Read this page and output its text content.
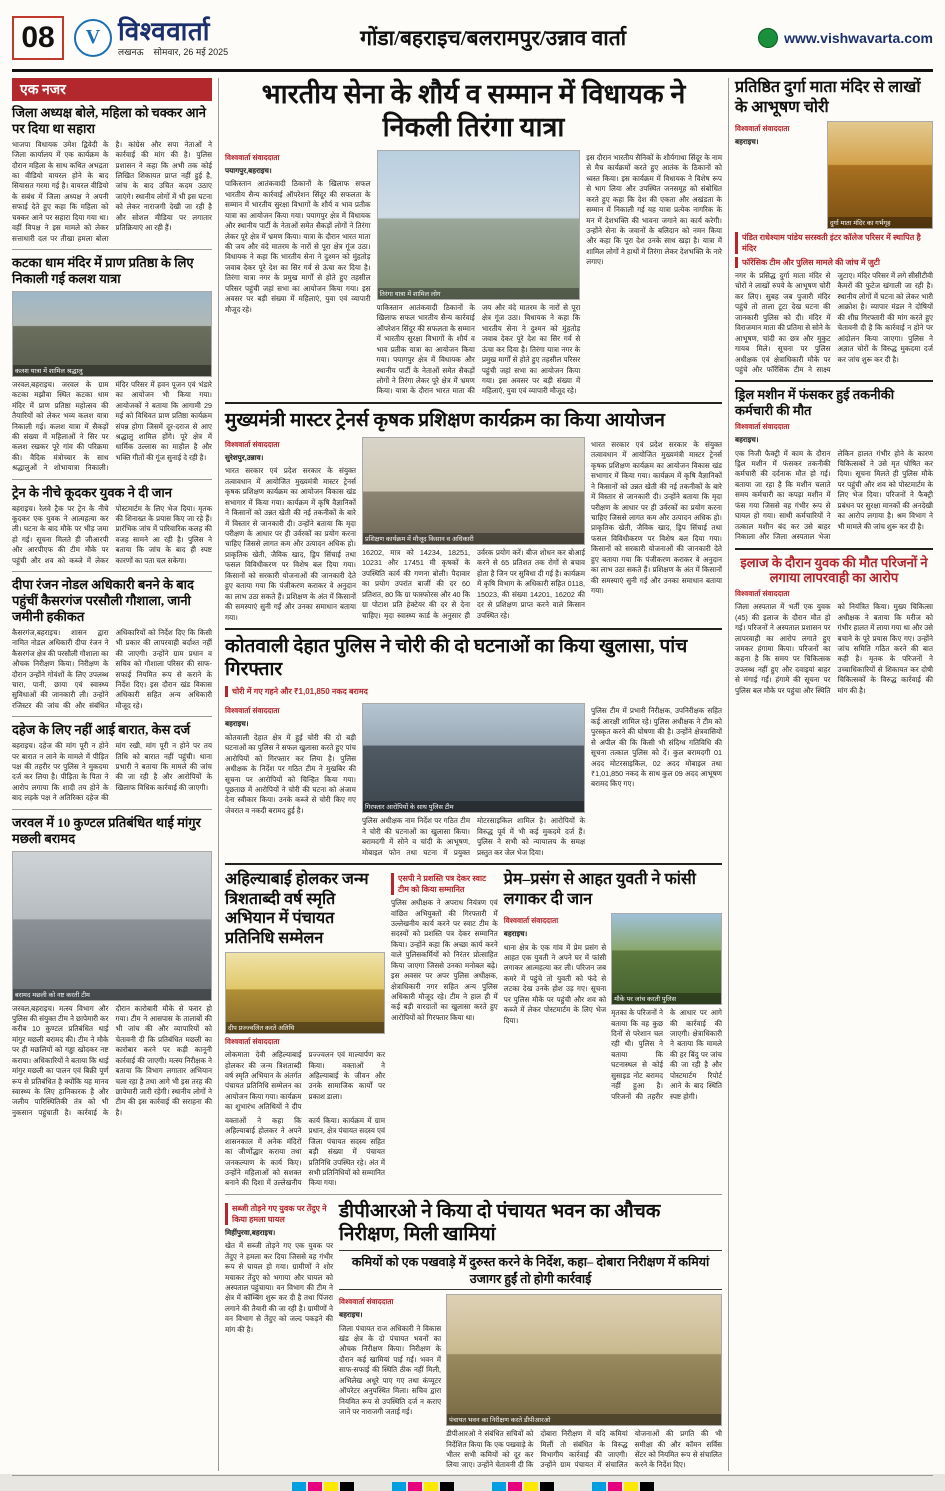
08	V विश्ववार्ता
लखनऊ सोमवार, 26 मई 2025
गोंडा/बहराइच/बलरामपुर/उन्नाव वार्ता	www.vishwavarta.com
एक नजर
जिला अध्यक्ष बोले, महिला को चक्कर आने पर दिया था सहारा
भाजपा विधायक उमेश द्विवेदी के जिला कार्यालय में एक कार्यक्रम के दौरान महिला के साथ कथित अभद्रता का वीडियो वायरल होने के बाद सियासत गरमा गई है। वायरल वीडियो के सबंध में जिला अध्यक्ष ने अपनी सफाई देते हुए कहा कि महिला को चक्कर आने पर सहारा दिया गया था। वहीं विपक्ष ने इस मामले को लेकर सत्ताधारी दल पर तीखा हमला बोला है। कांग्रेस और सपा नेताओं ने कार्रवाई की मांग की है। पुलिस प्रशासन ने कहा कि अभी तक कोई लिखित शिकायत प्राप्त नहीं हुई है, जांच के बाद उचित कदम उठाए जाएंगे। स्थानीय लोगों में भी इस घटना को लेकर नाराजगी देखी जा रही है और सोशल मीडिया पर लगातार प्रतिक्रियाएं आ रही हैं।
कटका धाम मंदिर में प्राण प्रतिष्ठा के लिए निकाली गई कलश यात्रा
कलश यात्रा में शामिल श्रद्धालु
जरवल,बहराइच। जरवल के ग्राम कटका मझौवा स्थित कटका धाम मंदिर में प्राण प्रतिष्ठा महोत्सव की तैयारियों को लेकर भव्य कलश यात्रा निकाली गई। कलश यात्रा में सैकड़ों की संख्या में महिलाओं ने सिर पर कलश रखकर पूरे गांव की परिक्रमा की। वैदिक मंत्रोच्चार के साथ श्रद्धालुओं ने शोभायात्रा निकाली। मंदिर परिसर में हवन पूजन एवं भंडारे का आयोजन भी किया गया। आयोजकों ने बताया कि आगामी 29 मई को विधिवत प्राण प्रतिष्ठा कार्यक्रम संपन्न होगा जिसमें दूर-दराज से आए श्रद्धालु शामिल होंगे। पूरे क्षेत्र में धार्मिक उल्लास का माहौल है और भक्ति गीतों की गूंज सुनाई दे रही है।
ट्रेन के नीचे कूदकर युवक ने दी जान
बहराइच। रेलवे ट्रैक पर ट्रेन के नीचे कूदकर एक युवक ने आत्महत्या कर ली। घटना के बाद मौके पर भीड़ जमा हो गई। सूचना मिलते ही जीआरपी और आरपीएफ की टीम मौके पर पहुंची और शव को कब्जे में लेकर पोस्टमार्टम के लिए भेज दिया। मृतक की शिनाख्त के प्रयास किए जा रहे हैं। प्रारंभिक जांच में पारिवारिक कलह की वजह सामने आ रही है। पुलिस ने बताया कि जांच के बाद ही स्पष्ट कारणों का पता चल सकेगा।
दीपा रंजन नोडल अधिकारी बनने के बाद पहुंचीं कैसरगंज परसौली गौशाला, जानी जमीनी हकीकत
कैसरगंज,बहराइच। शासन द्वारा नामित नोडल अधिकारी दीपा रंजन ने कैसरगंज क्षेत्र की परसौली गौशाला का औचक निरीक्षण किया। निरीक्षण के दौरान उन्होंने गोवंशों के लिए उपलब्ध चारा, पानी, छाया एवं स्वास्थ्य सुविधाओं की जानकारी ली। उन्होंने रजिस्टर की जांच की और संबंधित अधिकारियों को निर्देश दिए कि किसी भी प्रकार की लापरवाही बर्दाश्त नहीं की जाएगी। उन्होंने ग्राम प्रधान व सचिव को गौशाला परिसर की साफ-सफाई नियमित रूप से कराने के निर्देश दिए। इस दौरान खंड विकास अधिकारी सहित अन्य अधिकारी मौजूद रहे।
दहेज के लिए नहीं आई बारात, केस दर्ज
बहराइच। दहेज की मांग पूरी न होने पर बारात न लाने के मामले में पीड़ित पक्ष की तहरीर पर पुलिस ने मुकदमा दर्ज कर लिया है। पीड़िता के पिता ने आरोप लगाया कि शादी तय होने के बाद लड़के पक्ष ने अतिरिक्त दहेज की मांग रखी, मांग पूरी न होने पर तय तिथि को बारात नहीं पहुंची। थाना प्रभारी ने बताया कि मामले की जांच की जा रही है और आरोपियों के खिलाफ विधिक कार्रवाई की जाएगी।
जरवल में 10 कुण्टल प्रतिबंधित थाई मांगुर मछली बरामद
बरामद मछली को नष्ट करती टीम
जरवल,बहराइच। मत्स्य विभाग और पुलिस की संयुक्त टीम ने छापेमारी कर करीब 10 कुण्टल प्रतिबंधित थाई मांगुर मछली बरामद की। टीम ने मौके पर ही मछलियों को गड्ढा खोदकर नष्ट कराया। अधिकारियों ने बताया कि थाई मांगुर मछली का पालन एवं बिक्री पूर्ण रूप से प्रतिबंधित है क्योंकि यह मानव स्वास्थ्य के लिए हानिकारक है और जलीय पारिस्थितिकी तंत्र को भी नुकसान पहुंचाती है। कार्रवाई के दौरान कारोबारी मौके से फरार हो गया। टीम ने आसपास के तालाबों की भी जांच की और व्यापारियों को चेतावनी दी कि प्रतिबंधित मछली का कारोबार करने पर कड़ी कानूनी कार्रवाई की जाएगी। मत्स्य निरीक्षक ने बताया कि विभाग लगातार अभियान चला रहा है तथा आगे भी इस तरह की छापेमारी जारी रहेगी। स्थानीय लोगों ने टीम की इस कार्रवाई की सराहना की है।
भारतीय सेना के शौर्य व सम्मान में विधायक ने निकली तिरंगा यात्रा
विश्ववार्ता संवाददाता
पयागपुर,बहराइच।
पाकिस्तान आतंकवादी ठिकानों के खिलाफ सफल भारतीय सैन्य कार्रवाई ऑपरेशन सिंदूर की सफलता के सम्मान में भारतीय सुरक्षा विभागों के शौर्य व भाव प्रतीक यात्रा का आयोजन किया गया। पयागपुर क्षेत्र में विधायक और स्थानीय पार्टी के नेताओं समेत सैकड़ों लोगों ने तिरंगा लेकर पूरे क्षेत्र में भ्रमण किया। यात्रा के दौरान भारत माता की जय और वंदे मातरम के नारों से पूरा क्षेत्र गूंज उठा। विधायक ने कहा कि भारतीय सेना ने दुश्मन को मुंहतोड़ जवाब देकर पूरे देश का सिर गर्व से ऊंचा कर दिया है। तिरंगा यात्रा नगर के प्रमुख मार्गों से होते हुए तहसील परिसर पहुंची जहां सभा का आयोजन किया गया। इस अवसर पर बड़ी संख्या में महिलाएं, युवा एवं व्यापारी मौजूद रहे।
तिरंगा यात्रा में शामिल लोग
पाकिस्तान आतंकवादी ठिकानों के खिलाफ सफल भारतीय सैन्य कार्रवाई ऑपरेशन सिंदूर की सफलता के सम्मान में भारतीय सुरक्षा विभागों के शौर्य व भाव प्रतीक यात्रा का आयोजन किया गया। पयागपुर क्षेत्र में विधायक और स्थानीय पार्टी के नेताओं समेत सैकड़ों लोगों ने तिरंगा लेकर पूरे क्षेत्र में भ्रमण किया। यात्रा के दौरान भारत माता की जय और वंदे मातरम के नारों से पूरा क्षेत्र गूंज उठा। विधायक ने कहा कि भारतीय सेना ने दुश्मन को मुंहतोड़ जवाब देकर पूरे देश का सिर गर्व से ऊंचा कर दिया है। तिरंगा यात्रा नगर के प्रमुख मार्गों से होते हुए तहसील परिसर पहुंची जहां सभा का आयोजन किया गया। इस अवसर पर बड़ी संख्या में महिलाएं, युवा एवं व्यापारी मौजूद रहे।
इस दौरान भारतीय सैनिकों के शौर्यगाथा सिंदूर के नाम से मैच कार्यक्रमों करते हुए आतंक के ठिकानों को ध्वस्त किया। इस कार्यक्रम में विधायक ने विशेष रूप से भाग लिया और उपस्थित जनसमूह को संबोधित करते हुए कहा कि देश की एकता और अखंडता के सम्मान में निकाली गई यह यात्रा प्रत्येक नागरिक के मन में देशभक्ति की भावना जगाने का कार्य करेगी। उन्होंने सेना के जवानों के बलिदान को नमन किया और कहा कि पूरा देश उनके साथ खड़ा है। यात्रा में शामिल लोगों ने हाथों में तिरंगा लेकर देशभक्ति के नारे लगाए।
मुख्यमंत्री मास्टर ट्रेनर्स कृषक प्रशिक्षण कार्यक्रम का किया आयोजन
विश्ववार्ता संवाददाता
सुरेशपुर,उन्नाव।
भारत सरकार एवं प्रदेश सरकार के संयुक्त तत्वावधान में आयोजित मुख्यमंत्री मास्टर ट्रेनर्स कृषक प्रशिक्षण कार्यक्रम का आयोजन विकास खंड सभागार में किया गया। कार्यक्रम में कृषि वैज्ञानिकों ने किसानों को उन्नत खेती की नई तकनीकों के बारे में विस्तार से जानकारी दी। उन्होंने बताया कि मृदा परीक्षण के आधार पर ही उर्वरकों का प्रयोग करना चाहिए जिससे लागत कम और उत्पादन अधिक हो। प्राकृतिक खेती, जैविक खाद, ड्रिप सिंचाई तथा फसल विविधीकरण पर विशेष बल दिया गया। किसानों को सरकारी योजनाओं की जानकारी देते हुए बताया गया कि पंजीकरण कराकर वे अनुदान का लाभ उठा सकते हैं। प्रशिक्षण के अंत में किसानों की समस्याएं सुनी गईं और उनका समाधान बताया गया।
प्रशिक्षण कार्यक्रम में मौजूद किसान व अधिकारी
16202, मात्र को 14234, 18251, 10231 और 17451 मी कृषकों के उपस्थिति कार्य की गणना बोली। पैदावार का प्रयोग उपरांत बाजीं की दर 60 प्रतिशत, 80 कि ग्रा फास्फोरस और 40 कि ग्रा पोटाश प्रति हेक्टेयर की दर से देना चाहिए। मृदा स्वास्थ्य कार्ड के अनुसार ही उर्वरक प्रयोग करें। बीज शोधन कर बोआई करने से 65 प्रतिशत तक रोगों से बचाव होता है जिन पर सुविधा दी गई है। कार्यक्रम में कृषि विभाग के अधिकारी सहित 0118, 15023, की संख्या 14201, 16202 की दर से प्रशिक्षण प्राप्त करने वाले किसान उपस्थित रहे।
भारत सरकार एवं प्रदेश सरकार के संयुक्त तत्वावधान में आयोजित मुख्यमंत्री मास्टर ट्रेनर्स कृषक प्रशिक्षण कार्यक्रम का आयोजन विकास खंड सभागार में किया गया। कार्यक्रम में कृषि वैज्ञानिकों ने किसानों को उन्नत खेती की नई तकनीकों के बारे में विस्तार से जानकारी दी। उन्होंने बताया कि मृदा परीक्षण के आधार पर ही उर्वरकों का प्रयोग करना चाहिए जिससे लागत कम और उत्पादन अधिक हो। प्राकृतिक खेती, जैविक खाद, ड्रिप सिंचाई तथा फसल विविधीकरण पर विशेष बल दिया गया। किसानों को सरकारी योजनाओं की जानकारी देते हुए बताया गया कि पंजीकरण कराकर वे अनुदान का लाभ उठा सकते हैं। प्रशिक्षण के अंत में किसानों की समस्याएं सुनी गईं और उनका समाधान बताया गया।
कोतवाली देहात पुलिस ने चोरी की दो घटनाओं का किया खुलासा, पांच गिरफ्तार
चोरी में गए गहने और ₹1,01,850 नकद बरामद
विश्ववार्ता संवाददाता
बहराइच।
कोतवाली देहात क्षेत्र में हुई चोरी की दो बड़ी घटनाओं का पुलिस ने सफल खुलासा करते हुए पांच आरोपियों को गिरफ्तार कर लिया है। पुलिस अधीक्षक के निर्देश पर गठित टीम ने मुखबिर की सूचना पर आरोपियों को चिन्हित किया गया। पूछताछ में आरोपियों ने चोरी की घटना को अंजाम देना स्वीकार किया। उनके कब्जे से चोरी किए गए जेवरात व नकदी बरामद हुई है।	गिरफ्तार आरोपियों के साथ पुलिस टीम
पुलिस अधीक्षक नाम निर्देश पर गठित टीम ने चोरी की घटनाओं का खुलासा किया। बरामदगी में सोने व चांदी के आभूषण, मोबाइल फोन तथा घटना में प्रयुक्त मोटरसाइकिल शामिल है। आरोपियों के विरुद्ध पूर्व में भी कई मुकदमे दर्ज हैं। पुलिस ने सभी को न्यायालय के समक्ष प्रस्तुत कर जेल भेज दिया।
पुलिस टीम में प्रभारी निरीक्षक, उपनिरीक्षक सहित कई आरक्षी शामिल रहे। पुलिस अधीक्षक ने टीम को पुरस्कृत करने की घोषणा की है। उन्होंने क्षेत्रवासियों से अपील की कि किसी भी संदिग्ध गतिविधि की सूचना तत्काल पुलिस को दें। कुल बरामदगी 01 अदद मोटरसाइकिल, 02 अदद मोबाइल तथा ₹1,01,850 नकद के साथ कुल 09 अदद आभूषण बरामद किए गए।
अहिल्याबाई होलकर जन्म त्रिशताब्दी वर्ष स्मृति अभियान में पंचायत प्रतिनिधि सम्मेलन
दीप प्रज्ज्वलित करते अतिथि
विश्ववार्ता संवाददाता
लोकमाता देवी अहिल्याबाई होलकर की जन्म त्रिशताब्दी वर्ष स्मृति अभियान के अंतर्गत पंचायत प्रतिनिधि सम्मेलन का आयोजन किया गया। कार्यक्रम का शुभारंभ अतिथियों ने दीप प्रज्ज्वलन एवं माल्यार्पण कर किया। वक्ताओं ने अहिल्याबाई के जीवन और उनके सामाजिक कार्यों पर प्रकाश डाला।
वक्ताओं ने कहा कि अहिल्याबाई होलकर ने अपने शासनकाल में अनेक मंदिरों का जीर्णोद्धार कराया तथा जनकल्याण के कार्य किए। उन्होंने महिलाओं को सशक्त बनाने की दिशा में उल्लेखनीय कार्य किया। कार्यक्रम में ग्राम प्रधान, क्षेत्र पंचायत सदस्य एवं जिला पंचायत सदस्य सहित बड़ी संख्या में पंचायत प्रतिनिधि उपस्थित रहे। अंत में सभी प्रतिनिधियों को सम्मानित किया गया।
एसपी ने प्रशस्ति पत्र देकर स्वाट टीम को किया सम्मानित
पुलिस अधीक्षक ने अपराध नियंत्रण एवं वांछित अभियुक्तों की गिरफ्तारी में उल्लेखनीय कार्य करने पर स्वाट टीम के सदस्यों को प्रशस्ति पत्र देकर सम्मानित किया। उन्होंने कहा कि अच्छा कार्य करने वाले पुलिसकर्मियों को निरंतर प्रोत्साहित किया जाएगा जिससे उनका मनोबल बढ़े। इस अवसर पर अपर पुलिस अधीक्षक, क्षेत्राधिकारी नगर सहित अन्य पुलिस अधिकारी मौजूद रहे। टीम ने हाल ही में कई बड़ी वारदातों का खुलासा करते हुए आरोपियों को गिरफ्तार किया था।
प्रेम–प्रसंग से आहत युवती ने फांसी लगाकर दी जान
विश्ववार्ता संवाददाता
बहराइच।
थाना क्षेत्र के एक गांव में प्रेम प्रसंग से आहत एक युवती ने अपने घर में फांसी लगाकर आत्महत्या कर ली। परिजन जब कमरे में पहुंचे तो युवती को फंदे से लटका देख उनके होश उड़ गए। सूचना पर पुलिस मौके पर पहुंची और शव को कब्जे में लेकर पोस्टमार्टम के लिए भेज दिया।
मौके पर जांच करती पुलिस
मृतका के परिजनों ने बताया कि वह कुछ दिनों से परेशान चल रही थी। पुलिस ने बताया कि घटनास्थल से कोई सुसाइड नोट बरामद नहीं हुआ है। परिजनों की तहरीर के आधार पर आगे की कार्रवाई की जाएगी। क्षेत्राधिकारी ने बताया कि मामले की हर बिंदु पर जांच की जा रही है और पोस्टमार्टम रिपोर्ट आने के बाद स्थिति स्पष्ट होगी।
सब्जी तोड़ने गए युवक पर तेंदुए ने किया हमला घायल
मिहींपुरवा,बहराइच।
खेत में सब्जी तोड़ने गए एक युवक पर तेंदुए ने हमला कर दिया जिससे वह गंभीर रूप से घायल हो गया। ग्रामीणों ने शोर मचाकर तेंदुए को भगाया और घायल को अस्पताल पहुंचाया। वन विभाग की टीम ने क्षेत्र में कॉम्बिंग शुरू कर दी है तथा पिंजरा लगाने की तैयारी की जा रही है। ग्रामीणों ने वन विभाग से तेंदुए को जल्द पकड़ने की मांग की है।
डीपीआरओ ने किया दो पंचायत भवन का औचक निरीक्षण, मिली खामियां
कमियों को एक पखवाड़े में दुरुस्त करने के निर्देश, कहा– दोबारा निरीक्षण में कमियां उजागर हुईं तो होगी कार्रवाई
विश्ववार्ता संवाददाता
बहराइच।
जिला पंचायत राज अधिकारी ने विकास खंड क्षेत्र के दो पंचायत भवनों का औचक निरीक्षण किया। निरीक्षण के दौरान कई खामियां पाई गईं। भवन में साफ-सफाई की स्थिति ठीक नहीं मिली, अभिलेख अधूरे पाए गए तथा कंप्यूटर ऑपरेटर अनुपस्थित मिला। सचिव द्वारा नियमित रूप से उपस्थिति दर्ज न कराए जाने पर नाराजगी जताई गई।
पंचायत भवन का निरीक्षण करते डीपीआरओ
डीपीआरओ ने संबंधित सचिवों को निर्देशित किया कि एक पखवाड़े के भीतर सभी कमियों को दूर कर लिया जाए। उन्होंने चेतावनी दी कि दोबारा निरीक्षण में यदि कमियां मिलीं तो संबंधित के विरुद्ध विभागीय कार्रवाई की जाएगी। उन्होंने ग्राम पंचायत में संचालित योजनाओं की प्रगति की भी समीक्षा की और कॉमन सर्विस सेंटर को नियमित रूप से संचालित करने के निर्देश दिए।
प्रतिष्ठित दुर्गा माता मंदिर से लाखों के आभूषण चोरी
विश्ववार्ता संवाददाता
बहराइच।
दुर्गा माता मंदिर का गर्भगृह
पंडित राधेश्याम पांडेय सरस्वती इंटर कॉलेज परिसर में स्थापित है मंदिर
फॉरेंसिक टीम और पुलिस मामले की जांच में जुटी
नगर के प्रसिद्ध दुर्गा माता मंदिर से चोरों ने लाखों रुपये के आभूषण चोरी कर लिए। सुबह जब पुजारी मंदिर पहुंचे तो ताला टूटा देख घटना की जानकारी पुलिस को दी। मंदिर में विराजमान माता की प्रतिमा से सोने के आभूषण, चांदी का छत्र और मुकुट गायब मिले। सूचना पर पुलिस अधीक्षक एवं क्षेत्राधिकारी मौके पर पहुंचे और फॉरेंसिक टीम ने साक्ष्य जुटाए। मंदिर परिसर में लगे सीसीटीवी कैमरों की फुटेज खंगाली जा रही है। स्थानीय लोगों में घटना को लेकर भारी आक्रोश है। व्यापार मंडल ने दोषियों की शीघ्र गिरफ्तारी की मांग करते हुए चेतावनी दी है कि कार्रवाई न होने पर आंदोलन किया जाएगा। पुलिस ने अज्ञात चोरों के विरुद्ध मुकदमा दर्ज कर जांच शुरू कर दी है।
ड्रिल मशीन में फंसकर हुई तकनीकी कर्मचारी की मौत
विश्ववार्ता संवाददाता
बहराइच।
एक निजी फैक्ट्री में काम के दौरान ड्रिल मशीन में फंसकर तकनीकी कर्मचारी की दर्दनाक मौत हो गई। बताया जा रहा है कि मशीन चलाते समय कर्मचारी का कपड़ा मशीन में फंस गया जिससे वह गंभीर रूप से घायल हो गया। साथी कर्मचारियों ने तत्काल मशीन बंद कर उसे बाहर निकाला और जिला अस्पताल भेजा लेकिन हालत गंभीर होने के कारण चिकित्सकों ने उसे मृत घोषित कर दिया। सूचना मिलते ही पुलिस मौके पर पहुंची और शव को पोस्टमार्टम के लिए भेज दिया। परिजनों ने फैक्ट्री प्रबंधन पर सुरक्षा मानकों की अनदेखी का आरोप लगाया है। श्रम विभाग ने भी मामले की जांच शुरू कर दी है।
इलाज के दौरान युवक की मौत परिजनों ने लगाया लापरवाही का आरोप
विश्ववार्ता संवाददाता
जिला अस्पताल में भर्ती एक युवक (45) की इलाज के दौरान मौत हो गई। परिजनों ने अस्पताल प्रशासन पर लापरवाही का आरोप लगाते हुए जमकर हंगामा किया। परिजनों का कहना है कि समय पर चिकित्सक उपलब्ध नहीं हुए और दवाइयां बाहर से मंगाई गईं। हंगामे की सूचना पर पुलिस बल मौके पर पहुंचा और स्थिति को नियंत्रित किया। मुख्य चिकित्सा अधीक्षक ने बताया कि मरीज को गंभीर हालत में लाया गया था और उसे बचाने के पूरे प्रयास किए गए। उन्होंने जांच समिति गठित करने की बात कही है। मृतक के परिजनों ने उच्चाधिकारियों से शिकायत कर दोषी चिकित्सकों के विरुद्ध कार्रवाई की मांग की है।
